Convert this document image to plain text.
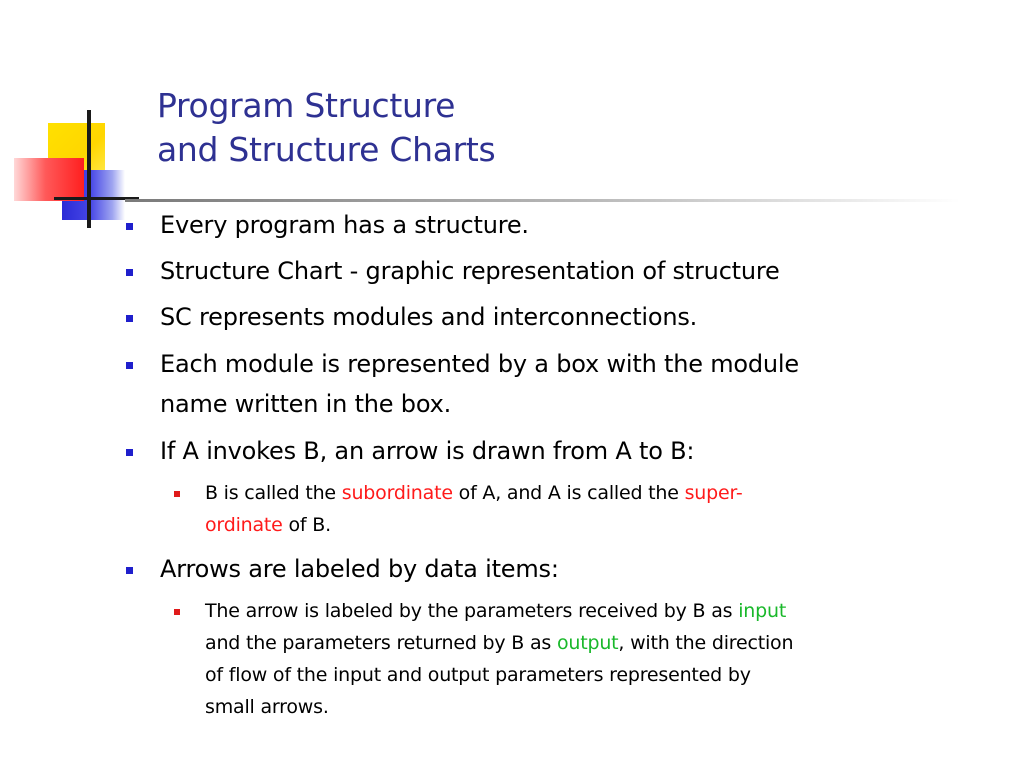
Program Structure
and Structure Charts
Every program has a structure.
Structure Chart - graphic representation of structure
SC represents modules and interconnections.
Each module is represented by a box with the module
name written in the box.
If A invokes B, an arrow is drawn from A to B:
B is called the subordinate of A, and A is called the super-
ordinate of B.
Arrows are labeled by data items:
The arrow is labeled by the parameters received by B as input
and the parameters returned by B as output, with the direction
of flow of the input and output parameters represented by
small arrows.
